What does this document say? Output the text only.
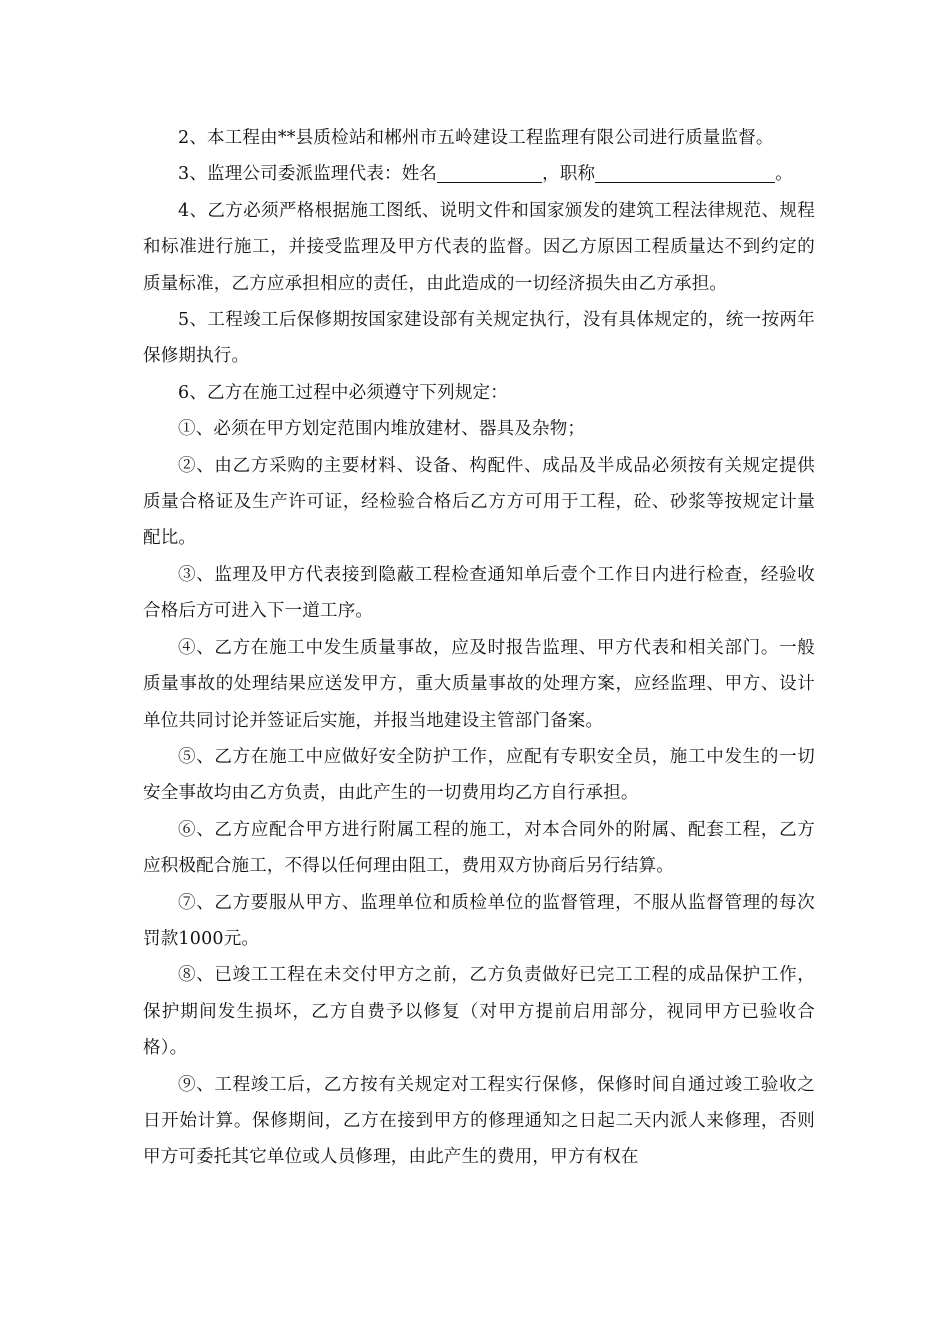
2、本工程由**县质检站和郴州市五岭建设工程监理有限公司进行质量监督。

3、监理公司委派监理代表：姓名	，职称	。

4、乙方必须严格根据施工图纸、说明文件和国家颁发的建筑工程法律规范、规程和标准进行施工，并接受监理及甲方代表的监督。因乙方原因工程质量达不到约定的质量标准，乙方应承担相应的责任，由此造成的一切经济损失由乙方承担。

5、工程竣工后保修期按国家建设部有关规定执行，没有具体规定的，统一按两年保修期执行。

6、乙方在施工过程中必须遵守下列规定：

①、必须在甲方划定范围内堆放建材、器具及杂物；

②、由乙方采购的主要材料、设备、构配件、成品及半成品必须按有关规定提供质量合格证及生产许可证，经检验合格后乙方方可用于工程，砼、砂浆等按规定计量配比。

③、监理及甲方代表接到隐蔽工程检查通知单后壹个工作日内进行检查，经验收合格后方可进入下一道工序。

④、乙方在施工中发生质量事故，应及时报告监理、甲方代表和相关部门。一般质量事故的处理结果应送发甲方，重大质量事故的处理方案，应经监理、甲方、设计单位共同讨论并签证后实施，并报当地建设主管部门备案。

⑤、乙方在施工中应做好安全防护工作，应配有专职安全员，施工中发生的一切安全事故均由乙方负责，由此产生的一切费用均乙方自行承担。

⑥、乙方应配合甲方进行附属工程的施工，对本合同外的附属、配套工程，乙方应积极配合施工，不得以任何理由阻工，费用双方协商后另行结算。

⑦、乙方要服从甲方、监理单位和质检单位的监督管理，不服从监督管理的每次罚款1000元。

⑧、已竣工工程在未交付甲方之前，乙方负责做好已完工工程的成品保护工作，保护期间发生损坏，乙方自费予以修复（对甲方提前启用部分，视同甲方已验收合格）。

⑨、工程竣工后，乙方按有关规定对工程实行保修，保修时间自通过竣工验收之日开始计算。保修期间，乙方在接到甲方的修理通知之日起二天内派人来修理，否则甲方可委托其它单位或人员修理，由此产生的费用，甲方有权在
